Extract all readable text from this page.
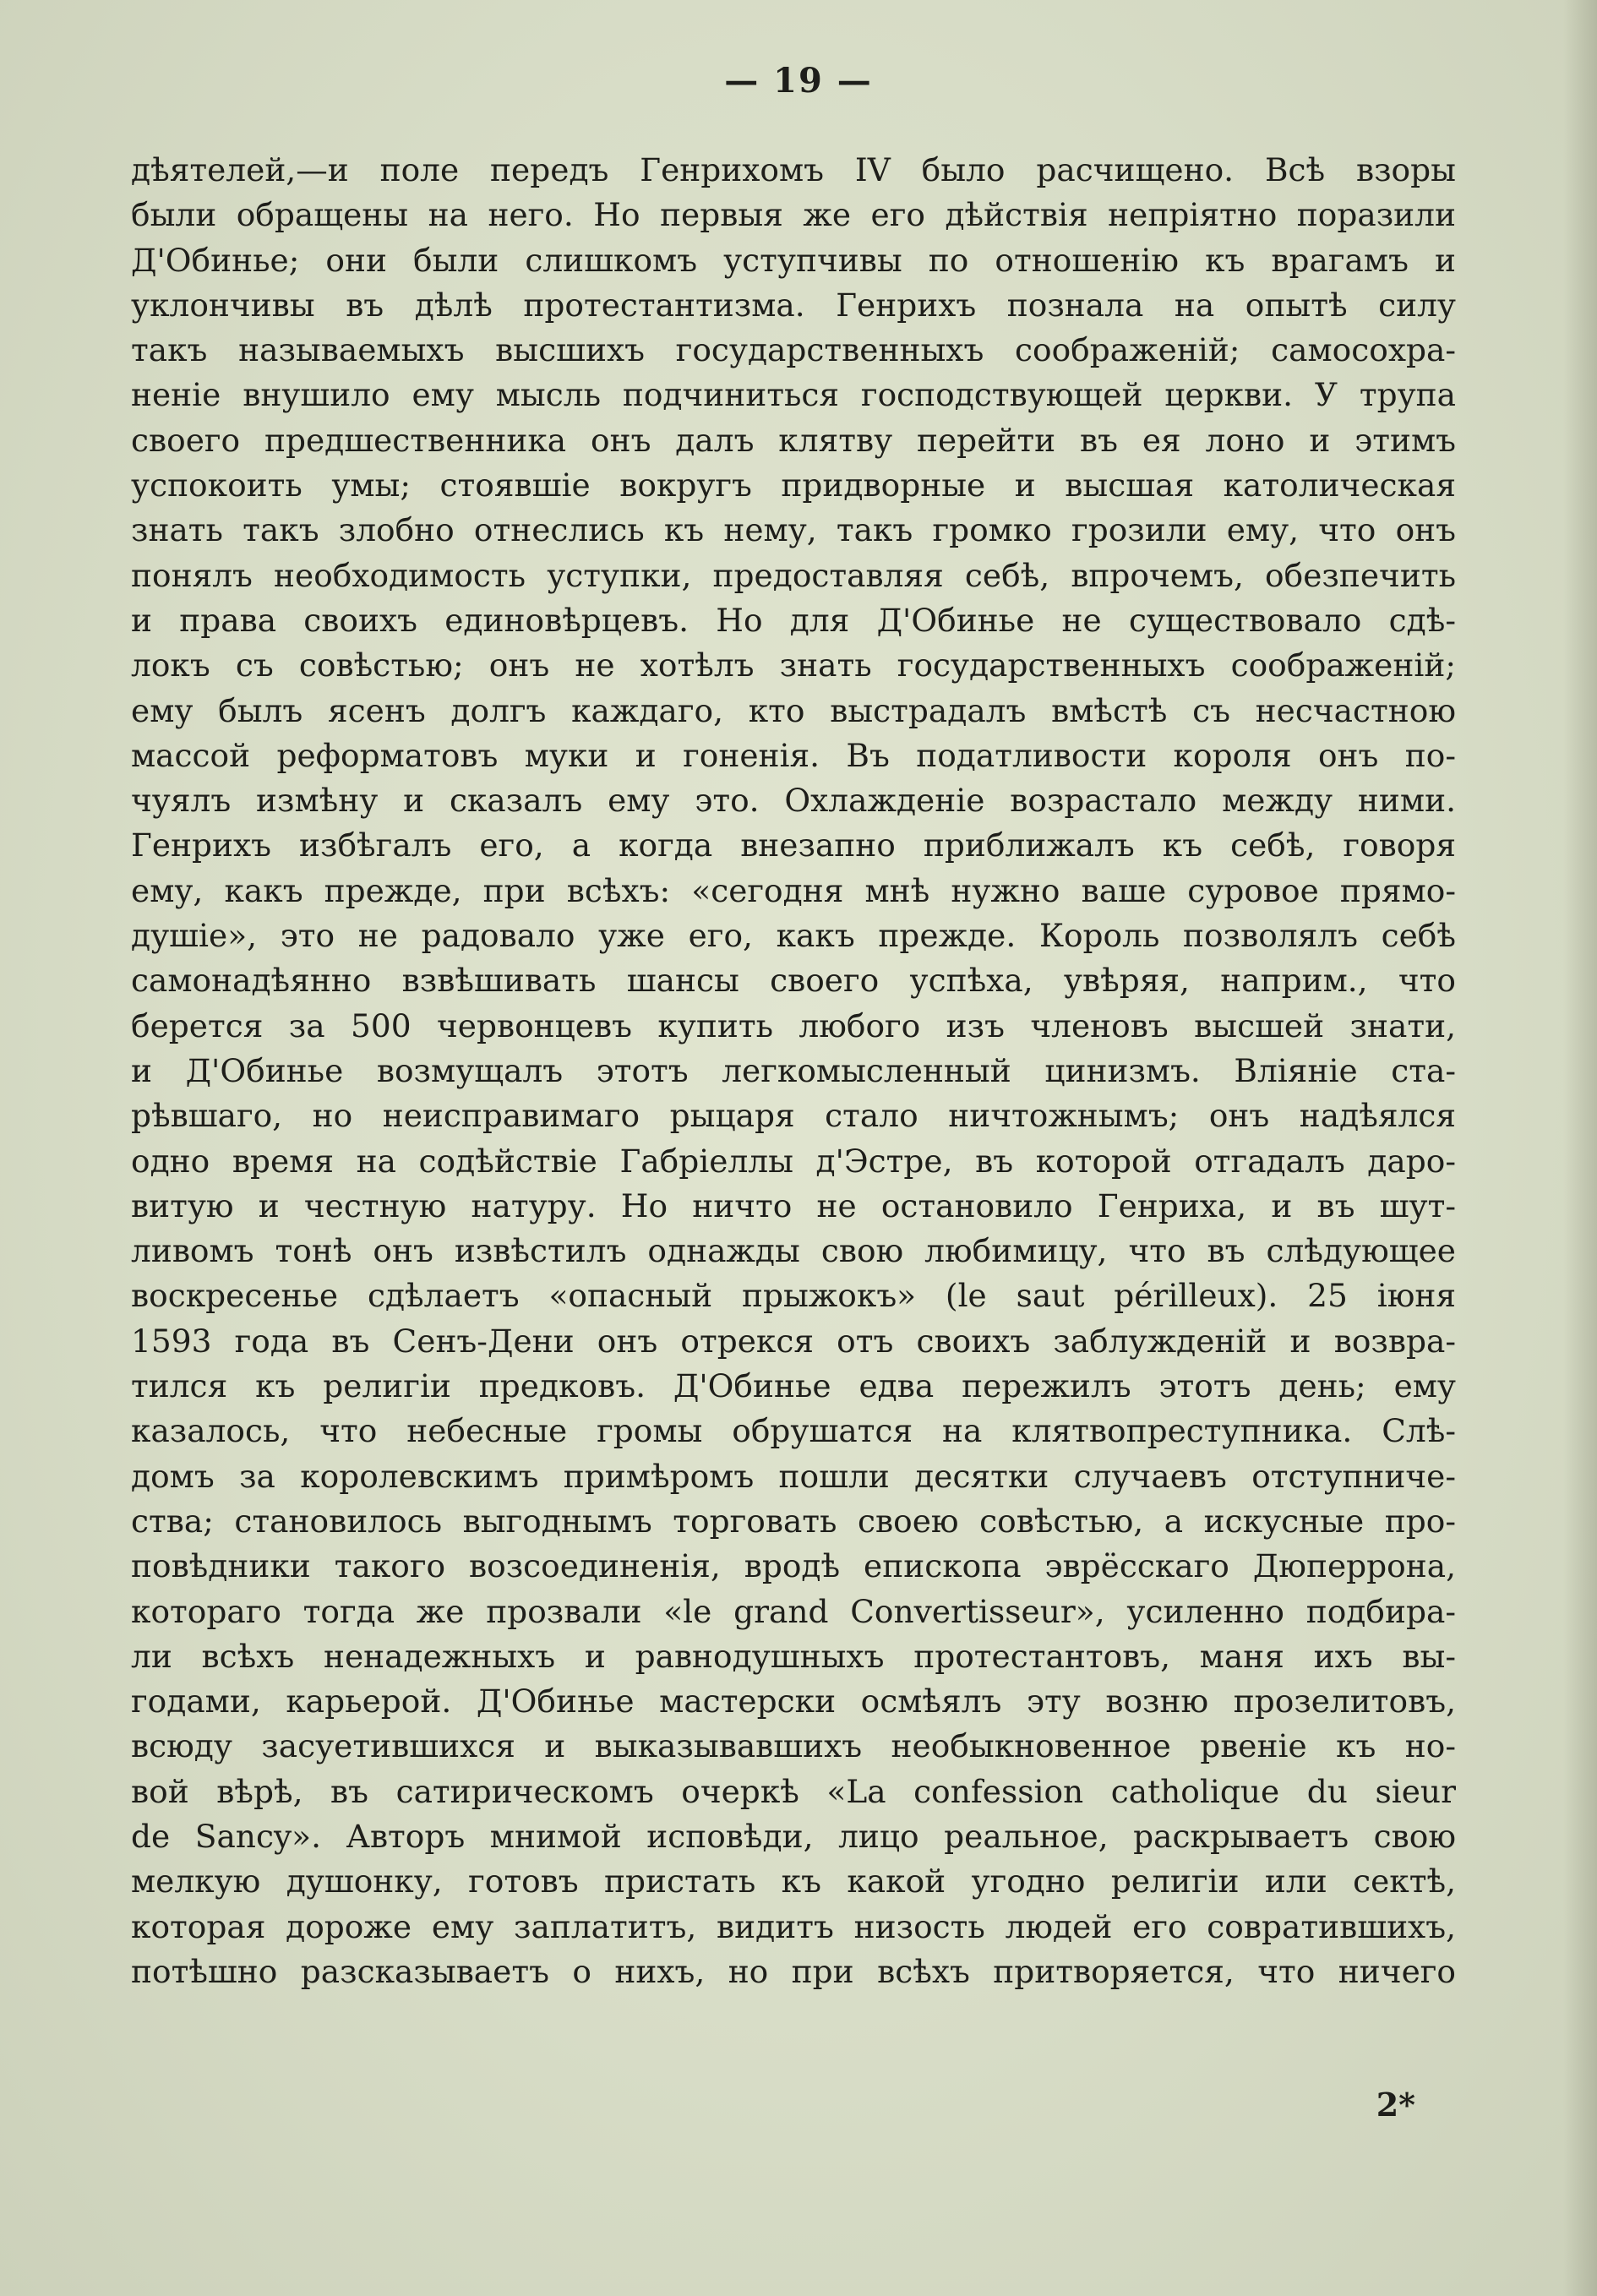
— 19 —
дѣятелей,—и поле передъ Генрихомъ IV было расчищено. Всѣ взоры
были обращены на него. Но первыя же его дѣйствія непріятно поразили
Д'Обинье; они были слишкомъ уступчивы по отношенію къ врагамъ и
уклончивы въ дѣлѣ протестантизма. Генрихъ познала на опытѣ силу
такъ называемыхъ высшихъ государственныхъ соображеній; самосохра-
неніе внушило ему мысль подчиниться господствующей церкви. У трупа
своего предшественника онъ далъ клятву перейти въ ея лоно и этимъ
успокоить умы; стоявшіе вокругъ придворные и высшая католическая
знать такъ злобно отнеслись къ нему, такъ громко грозили ему, что онъ
понялъ необходимость уступки, предоставляя себѣ, впрочемъ, обезпечить
и права своихъ единовѣрцевъ. Но для Д'Обинье не существовало сдѣ-
локъ съ совѣстью; онъ не хотѣлъ знать государственныхъ соображеній;
ему былъ ясенъ долгъ каждаго, кто выстрадалъ вмѣстѣ съ несчастною
массой реформатовъ муки и гоненія. Въ податливости короля онъ по-
чуялъ измѣну и сказалъ ему это. Охлажденіе возрастало между ними.
Генрихъ избѣгалъ его, а когда внезапно приближалъ къ себѣ, говоря
ему, какъ прежде, при всѣхъ: «сегодня мнѣ нужно ваше суровое прямо-
душіе», это не радовало уже его, какъ прежде. Король позволялъ себѣ
самонадѣянно взвѣшивать шансы своего успѣха, увѣряя, наприм., что
берется за 500 червонцевъ купить любого изъ членовъ высшей знати,
и Д'Обинье возмущалъ этотъ легкомысленный цинизмъ. Вліяніе ста-
рѣвшаго, но неисправимаго рыцаря стало ничтожнымъ; онъ надѣялся
одно время на содѣйствіе Габріеллы д'Эстре, въ которой отгадалъ даро-
витую и честную натуру. Но ничто не остановило Генриха, и въ шут-
ливомъ тонѣ онъ извѣстилъ однажды свою любимицу, что въ слѣдующее
воскресенье сдѣлаетъ «опасный прыжокъ» (le saut périlleux). 25 іюня
1593 года въ Сенъ-Дени онъ отрекся отъ своихъ заблужденій и возвра-
тился къ религіи предковъ. Д'Обинье едва пережилъ этотъ день; ему
казалось, что небесные громы обрушатся на клятвопреступника. Слѣ-
домъ за королевскимъ примѣромъ пошли десятки случаевъ отступниче-
ства; становилось выгоднымъ торговать своею совѣстью, а искусные про-
повѣдники такого возсоединенія, вродѣ епископа эврёсскаго Дюперрона,
котораго тогда же прозвали «le grand Convertisseur», усиленно подбира-
ли всѣхъ ненадежныхъ и равнодушныхъ протестантовъ, маня ихъ вы-
годами, карьерой. Д'Обинье мастерски осмѣялъ эту возню прозелитовъ,
всюду засуетившихся и выказывавшихъ необыкновенное рвеніе къ но-
вой вѣрѣ, въ сатирическомъ очеркѣ «La confession catholique du sieur
de Sancy». Авторъ мнимой исповѣди, лицо реальное, раскрываетъ свою
мелкую душонку, готовъ пристать къ какой угодно религіи или сектѣ,
которая дороже ему заплатитъ, видитъ низость людей его совратившихъ,
потѣшно разсказываетъ о нихъ, но при всѣхъ притворяется, что ничего
2*
